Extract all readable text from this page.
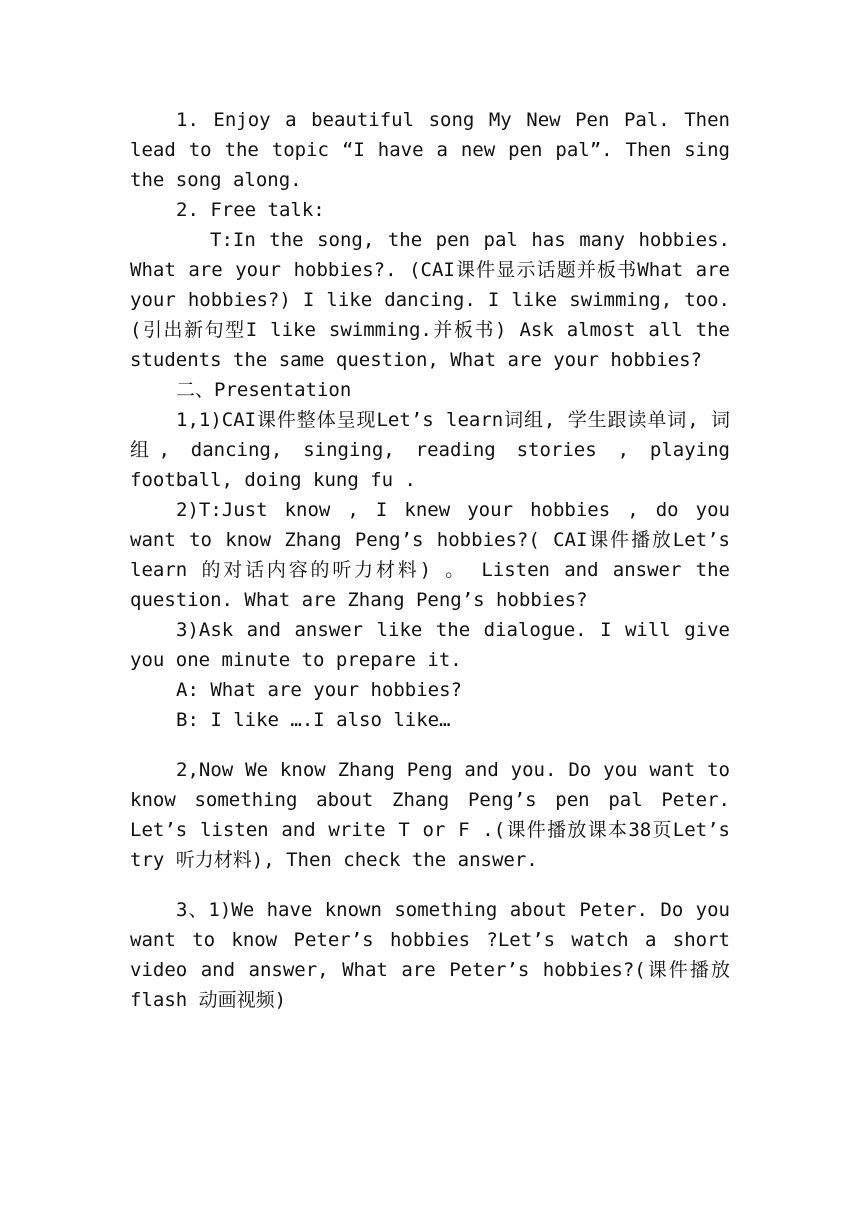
1. Enjoy a beautiful song My New Pen Pal. Then lead to the topic “I have a new pen pal”. Then sing the song along.

2. Free talk:

T:In the song, the pen pal has many hobbies. What are your hobbies?. (CAI课件显示话题并板书What are your hobbies?) I like dancing. I like swimming, too. (引出新句型I like swimming.并板书) Ask almost all the students the same question, What are your hobbies?

二、Presentation

1,1)CAI课件整体呈现Let’s learn词组, 学生跟读单词, 词组, dancing, singing, reading stories , playing football, doing kung fu .

2)T:Just know , I knew your hobbies , do you want to know Zhang Peng’s hobbies?( CAI课件播放Let’s learn 的对话内容的听力材料) 。 Listen and answer the question. What are Zhang Peng’s hobbies?

3)Ask and answer like the dialogue. I will give you one minute to prepare it.

A: What are your hobbies?

B: I like ….I also like…

2,Now We know Zhang Peng and you. Do you want to know something about Zhang Peng’s pen pal Peter. Let’s listen and write T or F .(课件播放课本38页Let’s try 听力材料), Then check the answer.

3、1)We have known something about Peter. Do you want to know Peter’s hobbies ?Let’s watch a short video and answer, What are Peter’s hobbies?(课件播放flash 动画视频)
